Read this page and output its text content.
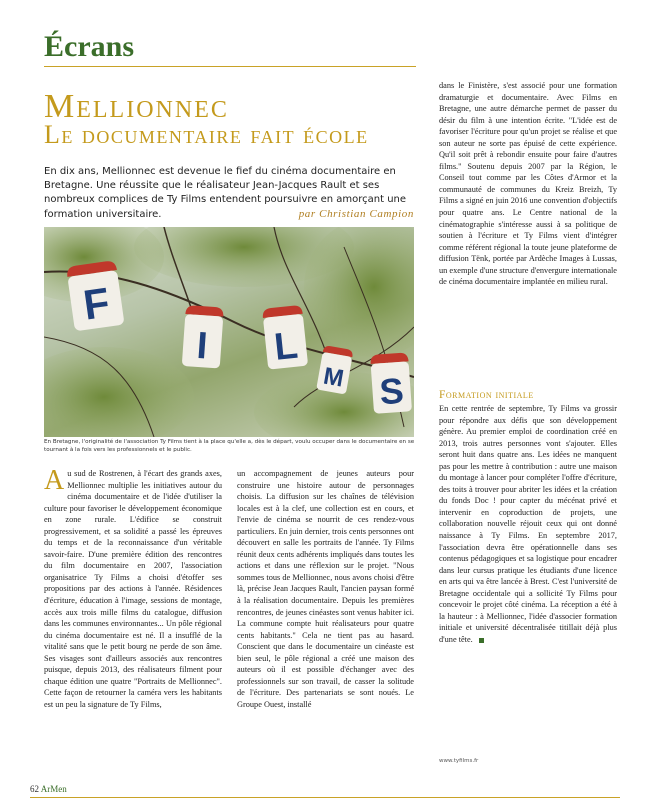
Écrans
Mellionnec
Le documentaire fait école
En dix ans, Mellionnec est devenue le fief du cinéma documentaire en Bretagne. Une réussite que le réalisateur Jean-Jacques Rault et ses nombreux complices de Ty Films entendent poursuivre en amorçant une formation universitaire.	par Christian Campion
F
I L
M S
En Bretagne, l'originalité de l'association Ty Films tient à la place qu'elle a, dès le départ, voulu occuper dans le documentaire en se tournant à la fois vers les professionnels et le public.

Au sud de Rostrenen, à l'écart des grands axes, Mellionnec multiplie les initiatives autour du cinéma documentaire et de l'idée d'utiliser la culture pour favoriser le développement économique en zone rurale. L'édifice se construit progressivement, et sa solidité a passé les épreuves du temps et de la reconnaissance d'un véritable savoir-faire. D'une première édition des rencontres du film documentaire en 2007, l'association organisatrice Ty Films a choisi d'étoffer ses propositions par des actions à l'année. Résidences d'écriture, éducation à l'image, sessions de montage, accès aux trois mille films du catalogue, diffusion dans les communes environnantes... Un pôle régional du cinéma documentaire est né. Il a insufflé de la vitalité sans que le petit bourg ne perde de son âme. Ses visages sont d'ailleurs associés aux rencontres puisque, depuis 2013, des réalisateurs filment pour chaque édition une quatre "Portraits de Mellionnec". Cette façon de retourner la caméra vers les habitants est un peu la signature de Ty Films,

un accompagnement de jeunes auteurs pour construire une histoire autour de personnages choisis. La diffusion sur les chaînes de télévision locales est à la clef, une collection est en cours, et l'envie de cinéma se nourrit de ces rendez-vous particuliers. En juin dernier, trois cents personnes ont découvert en salle les portraits de l'année. Ty Films réunit deux cents adhérents impliqués dans toutes les actions et dans une réflexion sur le projet. "Nous sommes tous de Mellionnec, nous avons choisi d'être là, précise Jean Jacques Rault, l'ancien paysan formé à la réalisation documentaire. Depuis les premières rencontres, de jeunes cinéastes sont venus habiter ici. La commune compte huit réalisateurs pour quatre cents habitants." Cela ne tient pas au hasard. Conscient que dans le documentaire un cinéaste est bien seul, le pôle régional a créé une maison des auteurs où il est possible d'échanger avec des professionnels sur son travail, de casser la solitude de l'écriture. Des partenariats se sont noués. Le Groupe Ouest, installé

dans le Finistère, s'est associé pour une formation dramaturgie et documentaire. Avec Films en Bretagne, une autre démarche permet de passer du désir du film à une intention écrite. "L'idée est de favoriser l'écriture pour qu'un projet se réalise et que son auteur ne sorte pas épuisé de cette expérience. Qu'il soit prêt à rebondir ensuite pour faire d'autres films." Soutenu depuis 2007 par la Région, le Conseil tout comme par les Côtes d'Armor et la communauté de communes du Kreiz Breizh, Ty Films a signé en juin 2016 une convention d'objectifs pour quatre ans. Le Centre national de la cinématographie s'intéresse aussi à sa politique de soutien à l'écriture et Ty Films vient d'intégrer comme référent régional la toute jeune plateforme de diffusion Tënk, portée par Ardèche Images à Lussas, un exemple d'une structure d'envergure internationale de cinéma documentaire implantée en milieu rural.

Formation initiale

En cette rentrée de septembre, Ty Films va grossir pour répondre aux défis que son développement génère. Au premier emploi de coordination créé en 2013, trois autres personnes vont s'ajouter. Elles seront huit dans quatre ans. Les idées ne manquent pas pour les mettre à contribution : autre une maison du montage à lancer pour compléter l'offre d'écriture, des toits à trouver pour abriter les idées et la création du fonds Doc ! pour capter du mécénat privé et intervenir en coproduction de projets, une collaboration nouvelle réjouit ceux qui ont donné naissance à Ty Films. En septembre 2017, l'association devra être opérationnelle dans ses contenus pédagogiques et sa logistique pour encadrer dans leur cursus pratique les étudiants d'une licence en arts qui va être lancée à Brest. C'est l'université de Bretagne occidentale qui a sollicité Ty Films pour concevoir le projet côté cinéma. La réception a été à la hauteur : à Mellionnec, l'idée d'associer formation initiale et université décentralisée titillait déjà plus d'une tête.

www.tyfilms.fr
62 ArMen
